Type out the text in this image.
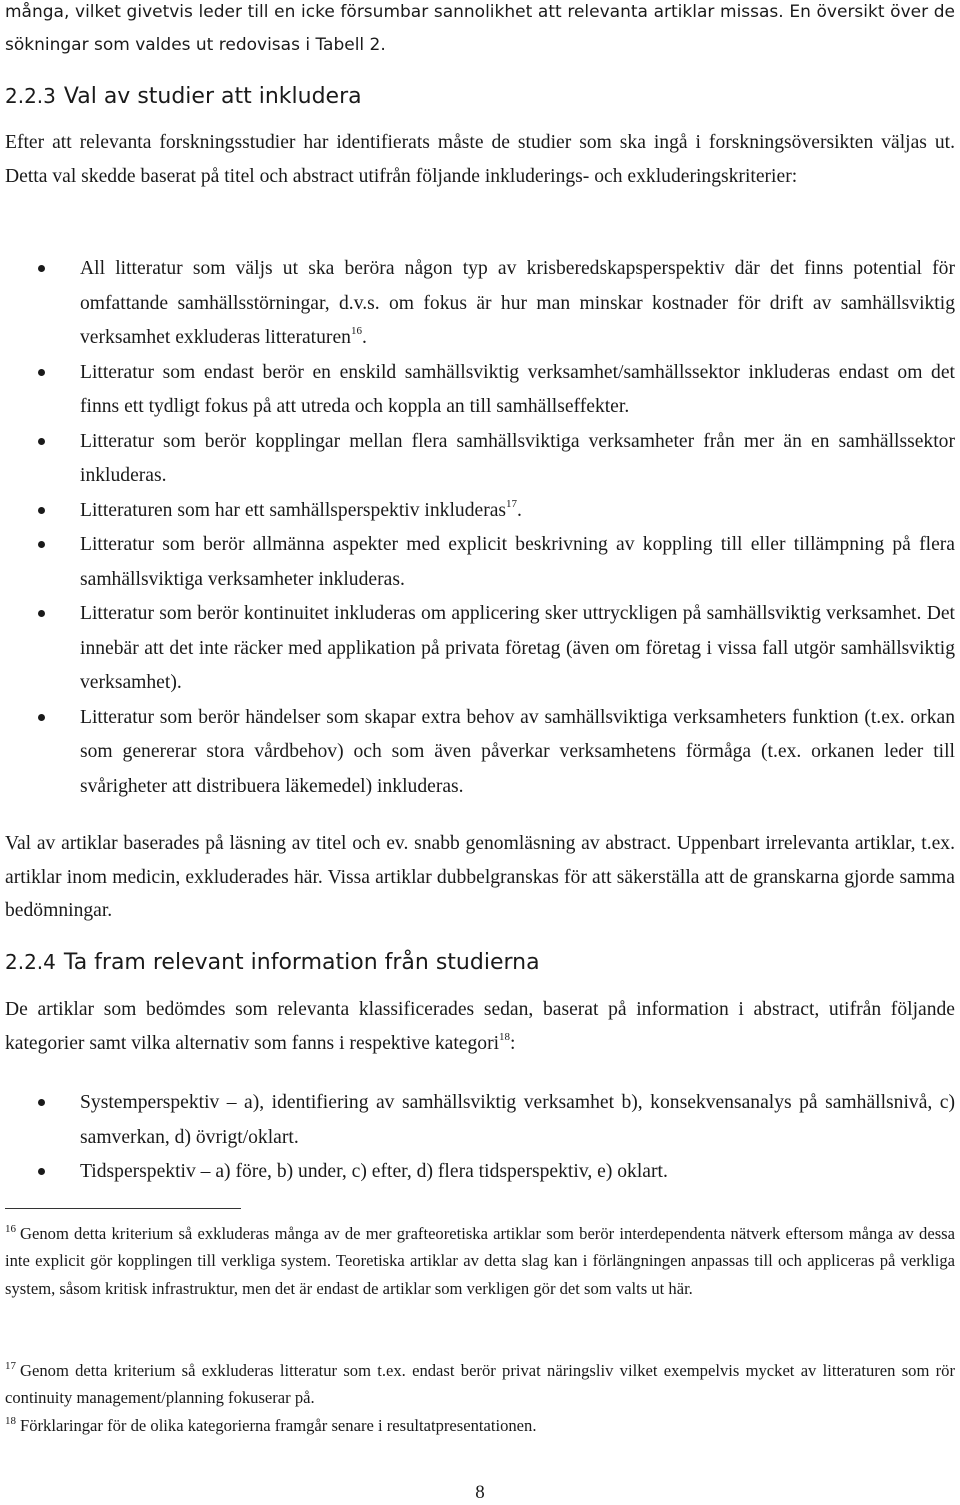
många, vilket givetvis leder till en icke försumbar sannolikhet att relevanta artiklar missas. En översikt över de sökningar som valdes ut redovisas i Tabell 2.

2.2.3 Val av studier att inkludera

Efter att relevanta forskningsstudier har identifierats måste de studier som ska ingå i forskningsöversikten väljas ut. Detta val skedde baserat på titel och abstract utifrån följande inkluderings- och exkluderingskriterier:

All litteratur som väljs ut ska beröra någon typ av krisberedskapsperspektiv där det finns potential för omfattande samhällsstörningar, d.v.s. om fokus är hur man minskar kostnader för drift av samhällsviktig verksamhet exkluderas litteraturen$^{16}$.
Litteratur som endast berör en enskild samhällsviktig verksamhet/samhällssektor inkluderas endast om det finns ett tydligt fokus på att utreda och koppla an till samhällseffekter.
Litteratur som berör kopplingar mellan flera samhällsviktiga verksamheter från mer än en samhällssektor inkluderas.
Litteraturen som har ett samhällsperspektiv inkluderas$^{17}$.
Litteratur som berör allmänna aspekter med explicit beskrivning av koppling till eller tillämpning på flera samhällsviktiga verksamheter inkluderas.
Litteratur som berör kontinuitet inkluderas om applicering sker uttryckligen på samhällsviktig verksamhet. Det innebär att det inte räcker med applikation på privata företag (även om företag i vissa fall utgör samhällsviktig verksamhet).
Litteratur som berör händelser som skapar extra behov av samhällsviktiga verksamheters funktion (t.ex. orkan som genererar stora vårdbehov) och som även påverkar verksamhetens förmåga (t.ex. orkanen leder till svårigheter att distribuera läkemedel) inkluderas.

Val av artiklar baserades på läsning av titel och ev. snabb genomläsning av abstract. Uppenbart irrelevanta artiklar, t.ex. artiklar inom medicin, exkluderades här. Vissa artiklar dubbelgranskas för att säkerställa att de granskarna gjorde samma bedömningar.

2.2.4 Ta fram relevant information från studierna

De artiklar som bedömdes som relevanta klassificerades sedan, baserat på information i abstract, utifrån följande kategorier samt vilka alternativ som fanns i respektive kategori$^{18}$:

Systemperspektiv – a), identifiering av samhällsviktig verksamhet b), konsekvensanalys på samhällsnivå, c) samverkan, d) övrigt/oklart.
Tidsperspektiv – a) före, b) under, c) efter, d) flera tidsperspektiv, e) oklart.

$^{16}$ Genom detta kriterium så exkluderas många av de mer grafteoretiska artiklar som berör interdependenta nätverk eftersom många av dessa inte explicit gör kopplingen till verkliga system. Teoretiska artiklar av detta slag kan i förlängningen anpassas till och appliceras på verkliga system, såsom kritisk infrastruktur, men det är endast de artiklar som verkligen gör det som valts ut här.

$^{17}$ Genom detta kriterium så exkluderas litteratur som t.ex. endast berör privat näringsliv vilket exempelvis mycket av litteraturen som rör continuity management/planning fokuserar på.

$^{18}$ Förklaringar för de olika kategorierna framgår senare i resultatpresentationen.

8
